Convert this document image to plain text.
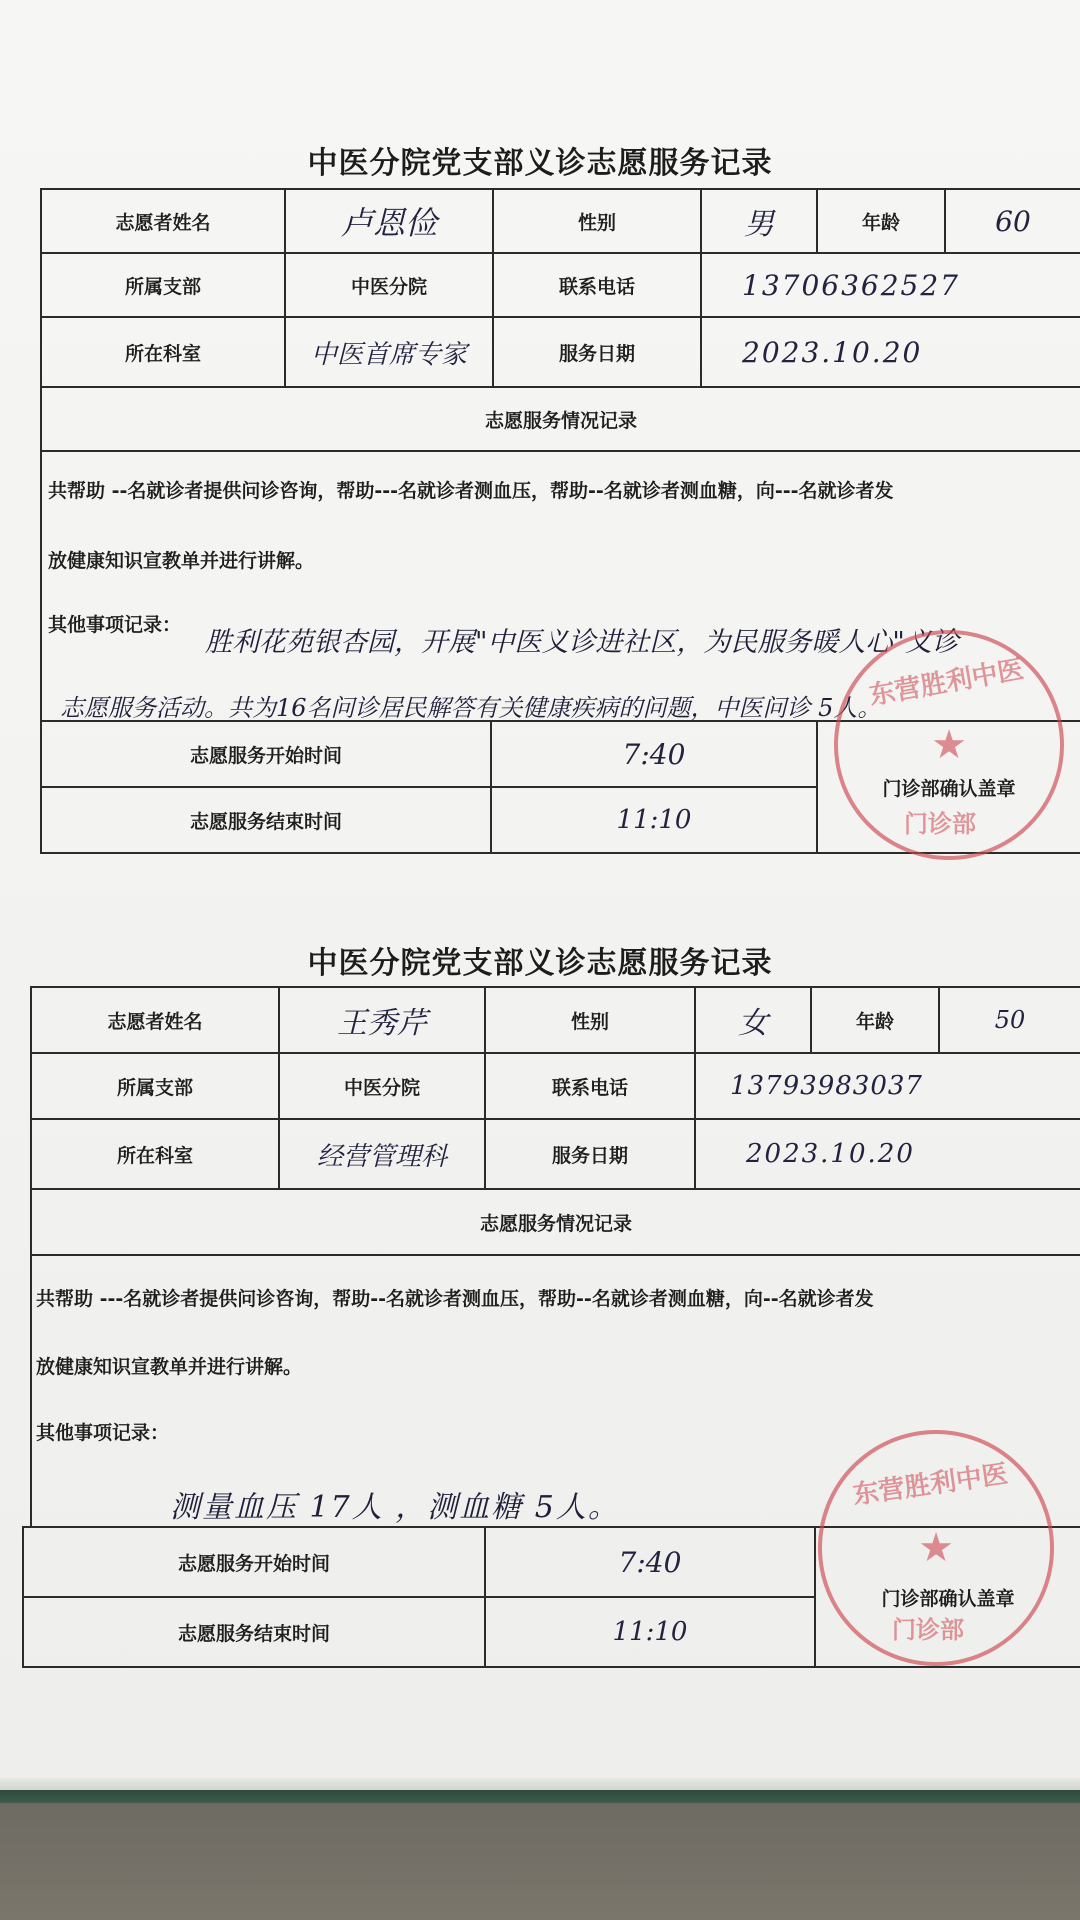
中医分院党支部义诊志愿服务记录
志愿者姓名	卢恩俭	性别	男	年龄	60
所属支部	中医分院	联系电话	13706362527
所在科室	中医首席专家	服务日期	2023.10.20
志愿服务情况记录
共帮助 --名就诊者提供问诊咨询，帮助---名就诊者测血压，帮助--名就诊者测血糖，向---名就诊者发
放健康知识宣教单并进行讲解。
其他事项记录：
胜利花苑银杏园，开展"中医义诊进社区，为民服务暖人心"义诊
志愿服务活动。共为16名问诊居民解答有关健康疾病的问题，中医问诊 5人。
志愿服务开始时间	7:40
志愿服务结束时间	11:10
门诊部确认盖章
★
东营胜利中医
门诊部
中医分院党支部义诊志愿服务记录
志愿者姓名	王秀芹	性别	女	年龄	50
所属支部	中医分院	联系电话	13793983037
所在科室	经营管理科	服务日期	2023.10.20
志愿服务情况记录
共帮助 ---名就诊者提供问诊咨询，帮助--名就诊者测血压，帮助--名就诊者测血糖，向--名就诊者发
放健康知识宣教单并进行讲解。
其他事项记录：
测量血压 17人 ，测血糖 5人。
志愿服务开始时间	7:40
志愿服务结束时间	11:10
门诊部确认盖章
★
东营胜利中医
门诊部
